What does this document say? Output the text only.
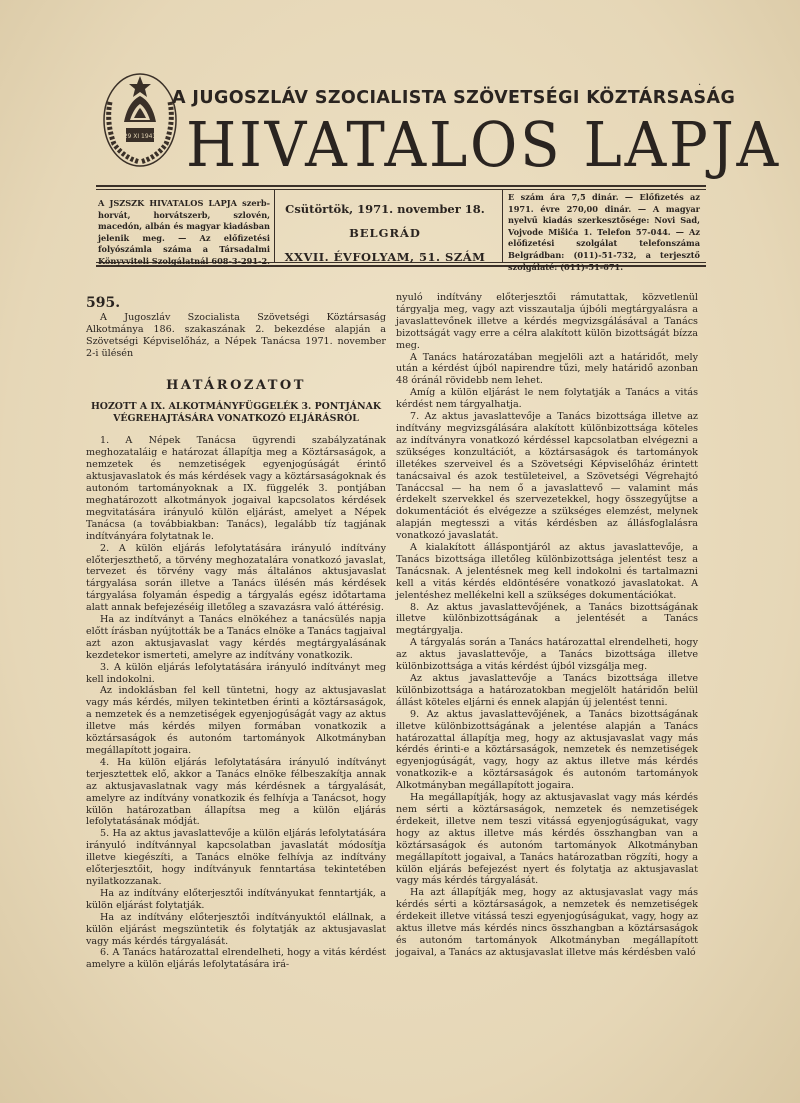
29 XI 1943
A JUGOSZLÁV SZOCIALISTA SZÖVETSÉGI KÖZTÁRSASÁG
HIVATALOS LAPJA
·
A JSZSZK HIVATALOS LAPJA szerb-horvát, horvátszerb, szlovén, macedón, albán és magyar kiadásban jelenik meg. — Az előfizetési folyószámla száma a Társadalmi Könyvviteli Szolgálatnál 608-3-291-2.
Csütörtök, 1971. november 18.
BELGRÁD
XXVII. ÉVFOLYAM, 51. SZÁM
E szám ára 7,5 dinár. — Előfizetés az 1971. évre 270,00 dinár. — A magyar nyelvű kiadás szerkesztősége: Novi Sad, Vojvode Mišića 1. Telefon 57-044. — Az előfizetési szolgálat telefonszáma Belgrádban: (011)-51-732, a terjesztő szolgálaté: (011)-51-671.
595.

A Jugoszláv Szocialista Szövetségi Köztársaság Alkotmánya 186. szakaszának 2. bekezdése alapján a Szövetségi Képviselőház, a Népek Tanácsa 1971. november 2-i ülésén

HATÁROZATOT
HOZOTT A IX. ALKOTMÁNYFÜGGELÉK 3. PONTJÁNAK VÉGREHAJTÁSÁRA VONATKOZÓ ELJÁRÁSRÓL

1. A Népek Tanácsa ügyrendi szabályzatának meghozataláig e határozat állapítja meg a Köztársaságok, a nemzetek és nemzetiségek egyenjogúságát érintő aktusjavaslatok és más kérdések vagy a köztársaságoknak és autonóm tartományoknak a IX. függelék 3. pontjában meghatározott alkotmányok jogaival kapcsolatos kérdések megvitatására irányuló külön eljárást, amelyet a Népek Tanácsa (a továbbiakban: Tanács), legalább tíz tagjának indítványára folytatnak le.

2. A külön eljárás lefolytatására irányuló indítvány előterjeszthető, a törvény meghozatalára vonatkozó javaslat, tervezet és törvény vagy más általános aktusjavaslat tárgyalása során illetve a Tanács ülésén más kérdések tárgyalása folyamán éspedig a tárgyalás egész időtartama alatt annak befejezéséig illetőleg a szavazásra való áttérésig.

Ha az indítványt a Tanács elnökéhez a tanácsülés napja előtt írásban nyújtották be a Tanács elnöke a Tanács tagjaival azt azon aktusjavaslat vagy kérdés megtárgyalásának kezdetekor ismerteti, amelyre az indítvány vonatkozik.

3. A külön eljárás lefolytatására irányuló indítványt meg kell indokolni.

Az indoklásban fel kell tüntetni, hogy az aktusjavaslat vagy más kérdés, milyen tekintetben érinti a köztársaságok, a nemzetek és a nemzetiségek egyenjogúságát vagy az aktus illetve más kérdés milyen formában vonatkozik a köztársaságok és autonóm tartományok Alkotmányban megállapított jogaira.

4. Ha külön eljárás lefolytatására irányuló indítványt terjesztettek elő, akkor a Tanács elnöke félbeszakítja annak az aktusjavaslatnak vagy más kérdésnek a tárgyalását, amelyre az indítvány vonatkozik és felhívja a Tanácsot, hogy külön határozatban állapítsa meg a külön eljárás lefolytatásának módját.

5. Ha az aktus javaslattevője a külön eljárás lefolytatására irányuló indítvánnyal kapcsolatban javaslatát módosítja illetve kiegészíti, a Tanács elnöke felhívja az indítvány előterjesztőit, hogy indítványuk fenntartása tekintetében nyilatkozzanak.

Ha az indítvány előterjesztői indítványukat fenntartják, a külön eljárást folytatják.

Ha az indítvány előterjesztői indítványuktól elállnak, a külön eljárást megszüntetik és folytatják az aktusjavaslat vagy más kérdés tárgyalását.

6. A Tanács határozattal elrendelheti, hogy a vitás kérdést amelyre a külön eljárás lefolytatására irá-

nyuló indítvány előterjesztői rámutattak, közvetlenül tárgyalja meg, vagy azt visszautalja újbóli megtárgyalásra a javaslattevőnek illetve a kérdés megvizsgálásával a Tanács bizottságát vagy erre a célra alakított külön bizottságát bízza meg.

A Tanács határozatában megjelöli azt a határidőt, mely után a kérdést újból napirendre tűzi, mely határidő azonban 48 óránál rövidebb nem lehet.

Amíg a külön eljárást le nem folytatják a Tanács a vitás kérdést nem tárgyalhatja.

7. Az aktus javaslattevője a Tanács bizottsága illetve az indítvány megvizsgálására alakított különbizottsága köteles az indítványra vonatkozó kérdéssel kapcsolatban elvégezni a szükséges konzultációt, a köztársaságok és tartományok illetékes szerveivel és a Szövetségi Képviselőház érintett tanácsaival és azok testületeivel, a Szövetségi Végrehajtó Tanáccsal — ha nem ő a javaslattevő — valamint más érdekelt szervekkel és szervezetekkel, hogy összegyűjtse a dokumentációt és elvégezze a szükséges elemzést, melynek alapján megtesszi a vitás kérdésben az állásfoglalásra vonatkozó javaslatát.

A kialakított álláspontjáról az aktus javaslattevője, a Tanács bizottsága illetőleg különbizottsága jelentést tesz a Tanácsnak. A jelentésnek meg kell indokolni és tartalmazni kell a vitás kérdés eldöntésére vonatkozó javaslatokat. A jelentéshez mellékelni kell a szükséges dokumentációkat.

8. Az aktus javaslattevőjének, a Tanács bizottságának illetve különbizottságának a jelentését a Tanács megtárgyalja.

A tárgyalás során a Tanács határozattal elrendelheti, hogy az aktus javaslattevője, a Tanács bizottsága illetve különbizottsága a vitás kérdést újból vizsgálja meg.

Az aktus javaslattevője a Tanács bizottsága illetve különbizottsága a határozatokban megjelölt határidőn belül állást köteles eljárni és ennek alapján új jelentést tenni.

9. Az aktus javaslattevőjének, a Tanács bizottságának illetve különbizottságának a jelentése alapján a Tanács határozattal állapítja meg, hogy az aktusjavaslat vagy más kérdés érinti-e a köztársaságok, nemzetek és nemzetiségek egyenjogúságát, vagy, hogy az aktus illetve más kérdés vonatkozik-e a köztársaságok és autonóm tartományok Alkotmányban megállapított jogaira.

Ha megállapítják, hogy az aktusjavaslat vagy más kérdés nem sérti a köztársaságok, nemzetek és nemzetiségek érdekeit, illetve nem teszi vitássá egyenjogúságukat, vagy hogy az aktus illetve más kérdés összhangban van a köztársaságok és autonóm tartományok Alkotmányban megállapított jogaival, a Tanács határozatban rögzíti, hogy a külön eljárás befejezést nyert és folytatja az aktusjavaslat vagy más kérdés tárgyalását.

Ha azt állapítják meg, hogy az aktusjavaslat vagy más kérdés sérti a köztársaságok, a nemzetek és nemzetiségek érdekeit illetve vitássá teszi egyenjogúságukat, vagy, hogy az aktus illetve más kérdés nincs összhangban a köztársaságok és autonóm tartományok Alkotmányban megállapított jogaival, a Tanács az aktusjavaslat illetve más kérdésben való
